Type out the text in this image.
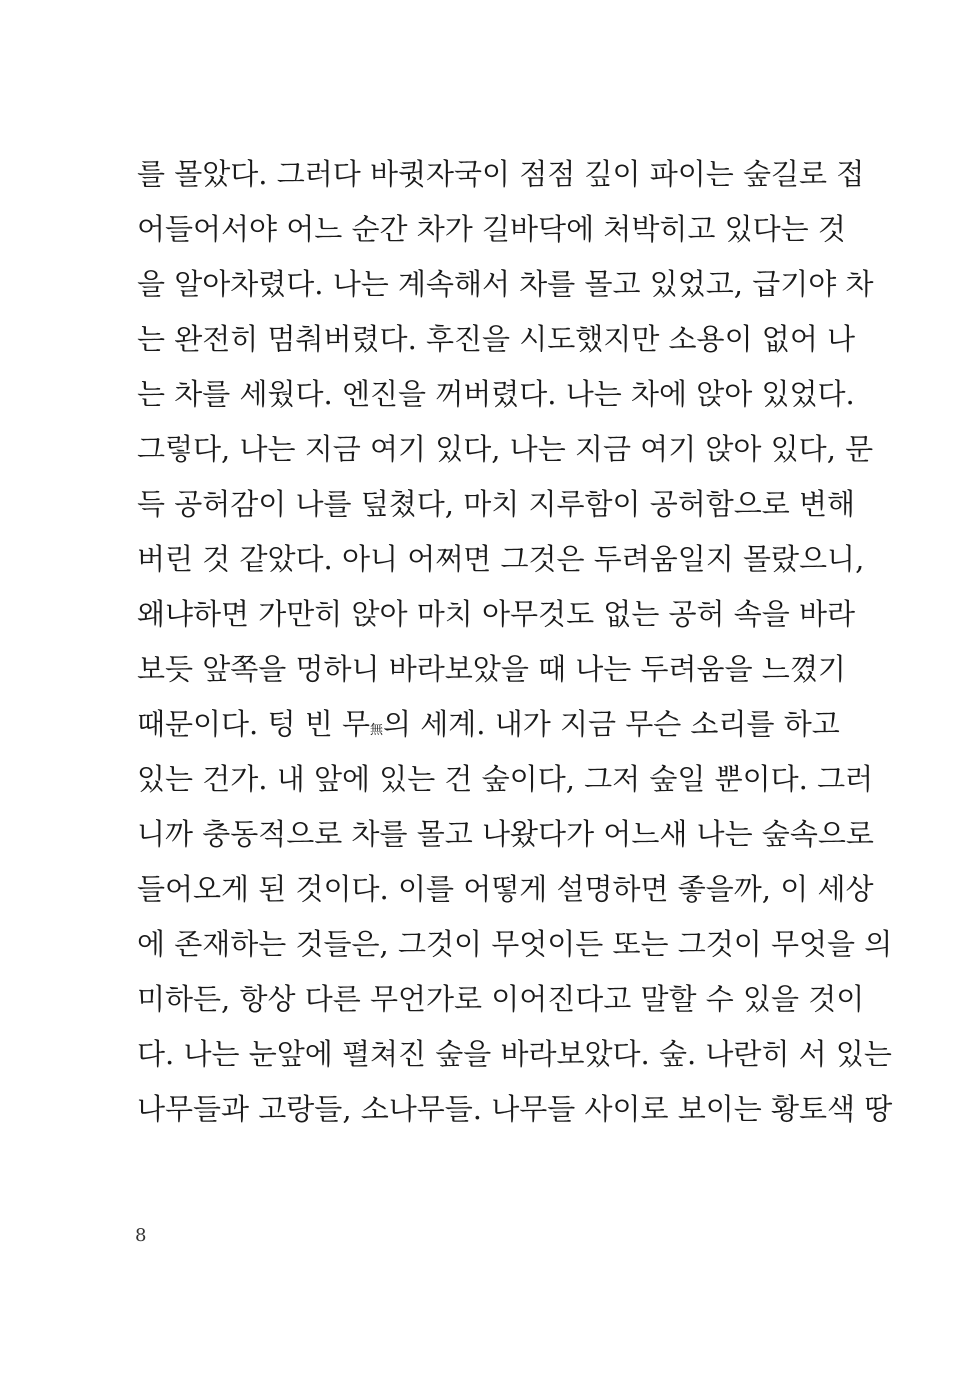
를 몰았다. 그러다 바큇자국이 점점 깊이 파이는 숲길로 접
어들어서야 어느 순간 차가 길바닥에 처박히고 있다는 것
을 알아차렸다. 나는 계속해서 차를 몰고 있었고, 급기야 차
는 완전히 멈춰버렸다. 후진을 시도했지만 소용이 없어 나
는 차를 세웠다. 엔진을 꺼버렸다. 나는 차에 앉아 있었다.
그렇다, 나는 지금 여기 있다, 나는 지금 여기 앉아 있다, 문
득 공허감이 나를 덮쳤다, 마치 지루함이 공허함으로 변해
버린 것 같았다. 아니 어쩌면 그것은 두려움일지 몰랐으니,
왜냐하면 가만히 앉아 마치 아무것도 없는 공허 속을 바라
보듯 앞쪽을 멍하니 바라보았을 때 나는 두려움을 느꼈기
때문이다. 텅 빈 무無의 세계. 내가 지금 무슨 소리를 하고
있는 건가. 내 앞에 있는 건 숲이다, 그저 숲일 뿐이다. 그러
니까 충동적으로 차를 몰고 나왔다가 어느새 나는 숲속으로
들어오게 된 것이다. 이를 어떻게 설명하면 좋을까, 이 세상
에 존재하는 것들은, 그것이 무엇이든 또는 그것이 무엇을 의
미하든, 항상 다른 무언가로 이어진다고 말할 수 있을 것이
다. 나는 눈앞에 펼쳐진 숲을 바라보았다. 숲. 나란히 서 있는
나무들과 고랑들, 소나무들. 나무들 사이로 보이는 황토색 땅
8
